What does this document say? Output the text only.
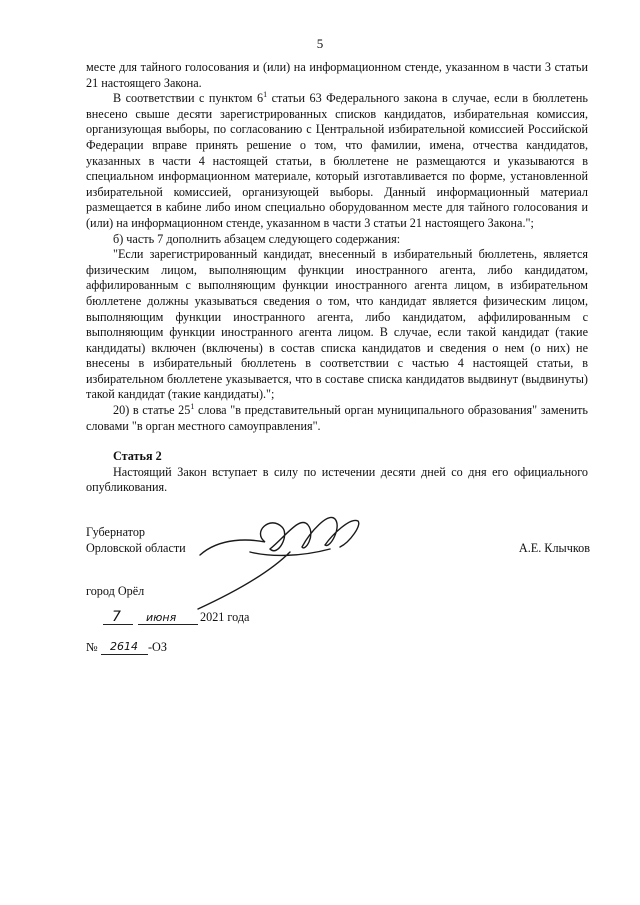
5

месте для тайного голосования и (или) на информационном стенде, указанном в части 3 статьи 21 настоящего Закона.

В соответствии с пунктом $6^1$ статьи 63 Федерального закона в случае, если в бюллетень внесено свыше десяти зарегистрированных списков кандидатов, избирательная комиссия, организующая выборы, по согласованию с Центральной избирательной комиссией Российской Федерации вправе принять решение о том, что фамилии, имена, отчества кандидатов, указанных в части 4 настоящей статьи, в бюллетене не размещаются и указываются в специальном информационном материале, который изготавливается по форме, установленной избирательной комиссией, организующей выборы. Данный информационный материал размещается в кабине либо ином специально оборудованном месте для тайного голосования и (или) на информационном стенде, указанном в части 3 статьи 21 настоящего Закона.";

б) часть 7 дополнить абзацем следующего содержания:

"Если зарегистрированный кандидат, внесенный в избирательный бюллетень, является физическим лицом, выполняющим функции иностранного агента, либо кандидатом, аффилированным с выполняющим функции иностранного агента лицом, в избирательном бюллетене должны указываться сведения о том, что кандидат является физическим лицом, выполняющим функции иностранного агента, либо кандидатом, аффилированным с выполняющим функции иностранного агента лицом. В случае, если такой кандидат (такие кандидаты) включен (включены) в состав списка кандидатов и сведения о нем (о них) не внесены в избирательный бюллетень в соответствии с частью 4 настоящей статьи, в избирательном бюллетене указывается, что в составе списка кандидатов выдвинут (выдвинуты) такой кандидат (такие кандидаты).";

20) в статье $25^1$ слова "в представительный орган муниципального образования" заменить словами "в орган местного самоуправления".

Статья 2

Настоящий Закон вступает в силу по истечении десяти дней со дня его официального опубликования.

Губернатор
Орловской области	А.Е. Клычков
город Орёл
7 июня 2021 года
№ 2614 -ОЗ
